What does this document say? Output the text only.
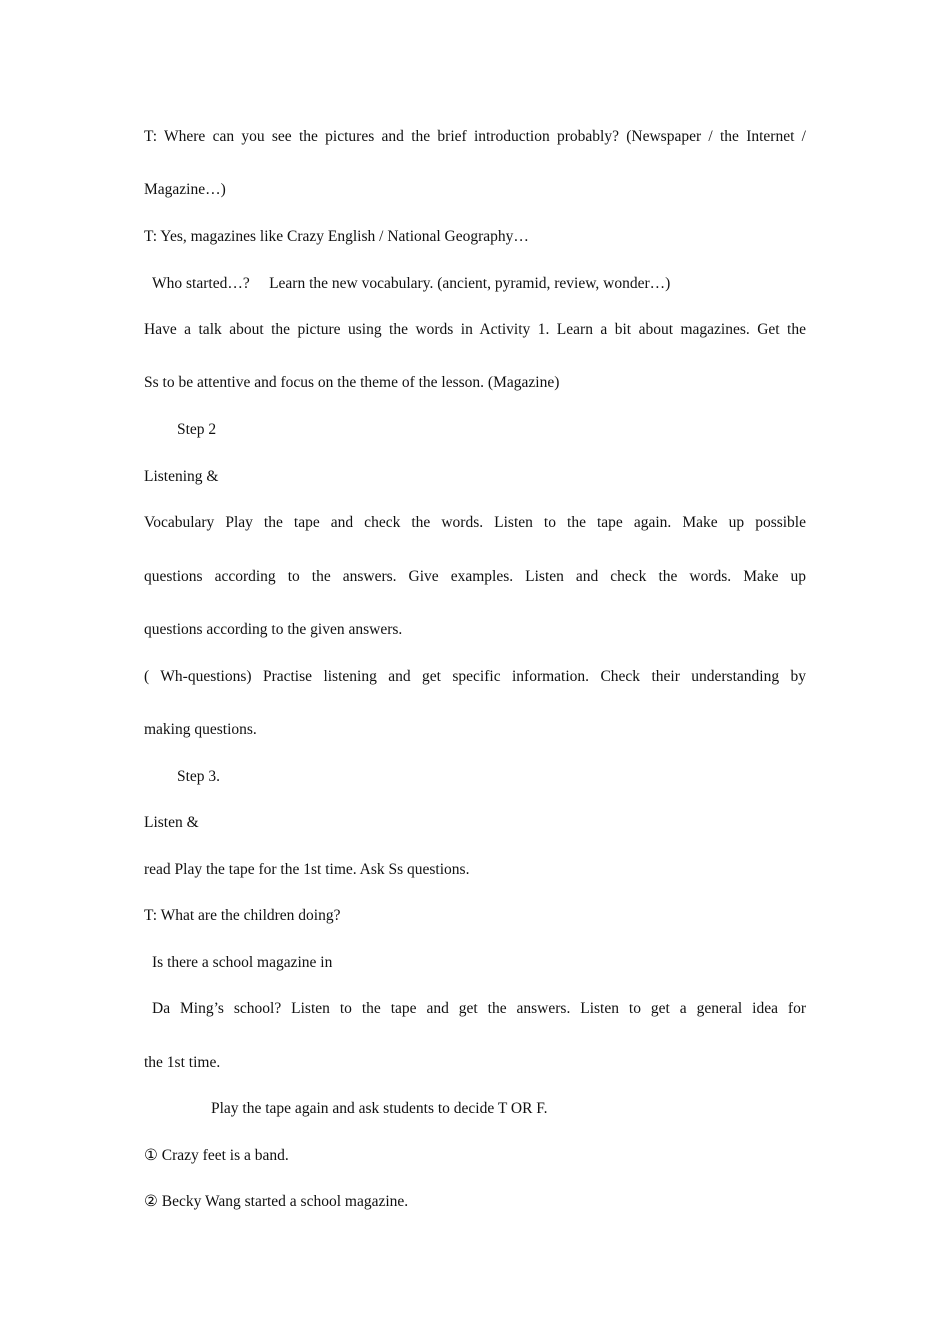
T: Where can you see the pictures and the brief introduction probably? (Newspaper / the Internet /
Magazine…)
T: Yes, magazines like Crazy English / National Geography…
Who started…?     Learn the new vocabulary. (ancient, pyramid, review, wonder…)
Have a talk about the picture using the words in Activity 1. Learn a bit about magazines. Get the
Ss to be attentive and focus on the theme of the lesson. (Magazine)
Step 2
Listening &
Vocabulary Play the tape and check the words. Listen to the tape again. Make up possible
questions according to the answers. Give examples. Listen and check the words. Make up
questions according to the given answers.
( Wh-questions) Practise listening and get specific information. Check their understanding by
making questions.
Step 3.
Listen &
read Play the tape for the 1st time. Ask Ss questions.
T: What are the children doing?
Is there a school magazine in
Da Ming’s school? Listen to the tape and get the answers. Listen to get a general idea for
the 1st time.
Play the tape again and ask students to decide T OR F.
① Crazy feet is a band.
② Becky Wang started a school magazine.
